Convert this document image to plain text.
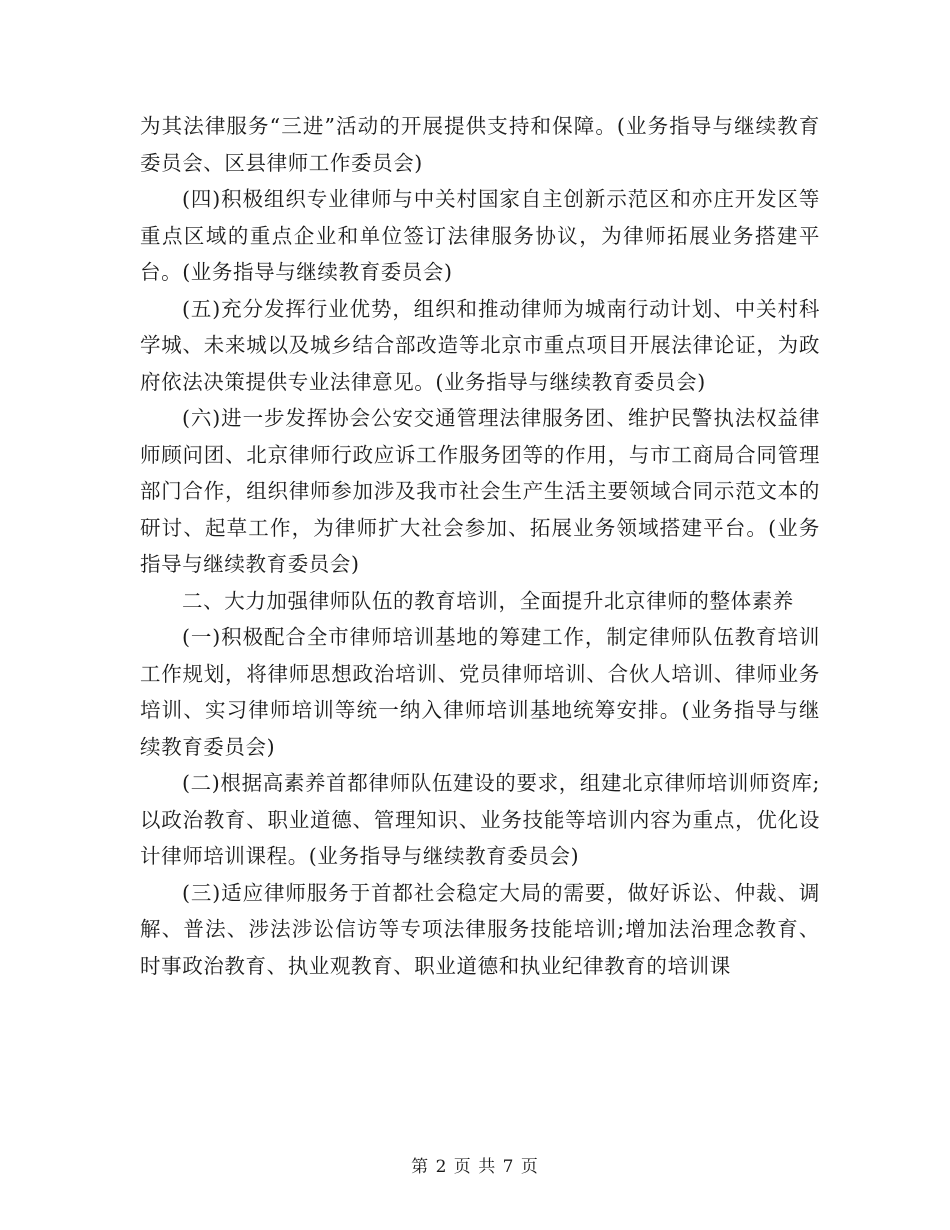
为其法律服务“三进”活动的开展提供支持和保障。(业务指导与继续教育委员会、区县律师工作委员会)

(四)积极组织专业律师与中关村国家自主创新示范区和亦庄开发区等重点区域的重点企业和单位签订法律服务协议，为律师拓展业务搭建平台。(业务指导与继续教育委员会)

(五)充分发挥行业优势，组织和推动律师为城南行动计划、中关村科学城、未来城以及城乡结合部改造等北京市重点项目开展法律论证，为政府依法决策提供专业法律意见。(业务指导与继续教育委员会)

(六)进一步发挥协会公安交通管理法律服务团、维护民警执法权益律师顾问团、北京律师行政应诉工作服务团等的作用，与市工商局合同管理部门合作，组织律师参加涉及我市社会生产生活主要领域合同示范文本的研讨、起草工作，为律师扩大社会参加、拓展业务领域搭建平台。(业务指导与继续教育委员会)

二、大力加强律师队伍的教育培训，全面提升北京律师的整体素养

(一)积极配合全市律师培训基地的筹建工作，制定律师队伍教育培训工作规划，将律师思想政治培训、党员律师培训、合伙人培训、律师业务培训、实习律师培训等统一纳入律师培训基地统筹安排。(业务指导与继续教育委员会)

(二)根据高素养首都律师队伍建设的要求，组建北京律师培训师资库;以政治教育、职业道德、管理知识、业务技能等培训内容为重点，优化设计律师培训课程。(业务指导与继续教育委员会)

(三)适应律师服务于首都社会稳定大局的需要，做好诉讼、仲裁、调解、普法、涉法涉讼信访等专项法律服务技能培训;增加法治理念教育、时事政治教育、执业观教育、职业道德和执业纪律教育的培训课

第 2 页 共 7 页
